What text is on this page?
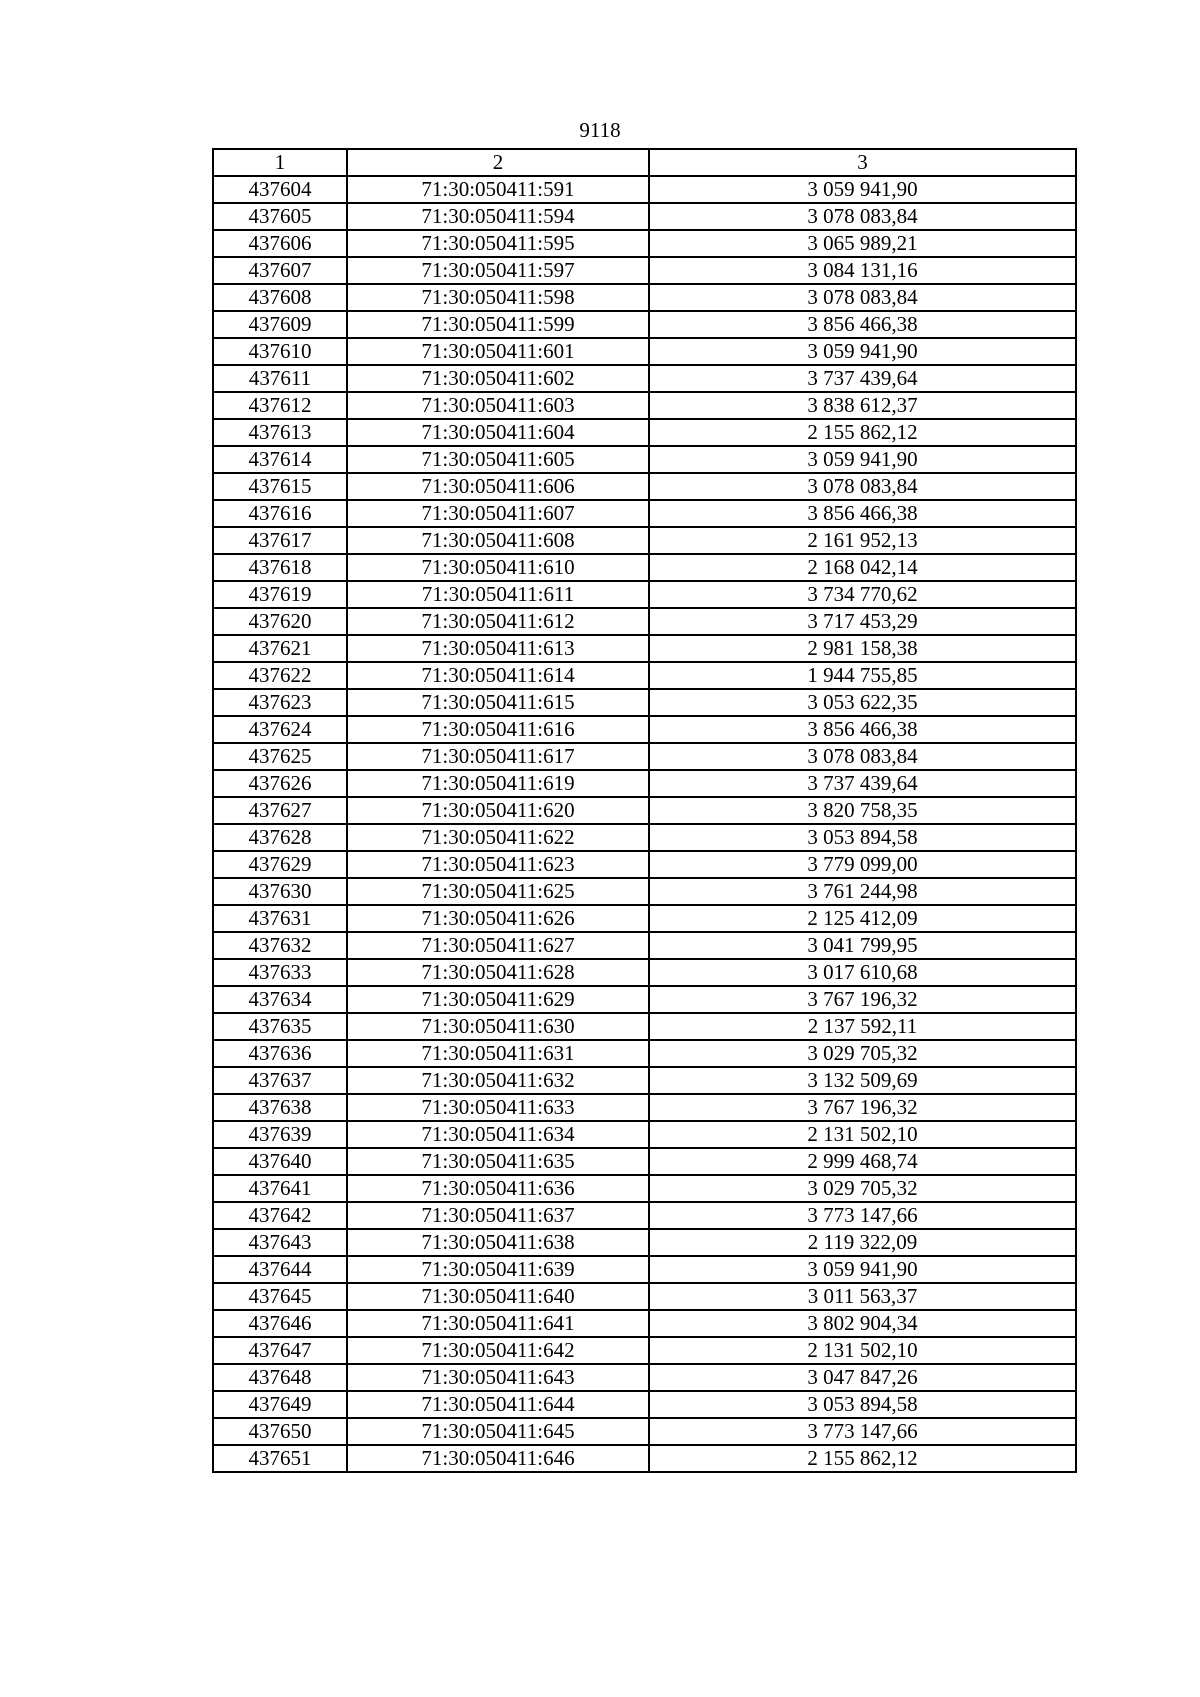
9118
1	2	3
437604	71:30:050411:591	3 059 941,90
437605	71:30:050411:594	3 078 083,84
437606	71:30:050411:595	3 065 989,21
437607	71:30:050411:597	3 084 131,16
437608	71:30:050411:598	3 078 083,84
437609	71:30:050411:599	3 856 466,38
437610	71:30:050411:601	3 059 941,90
437611	71:30:050411:602	3 737 439,64
437612	71:30:050411:603	3 838 612,37
437613	71:30:050411:604	2 155 862,12
437614	71:30:050411:605	3 059 941,90
437615	71:30:050411:606	3 078 083,84
437616	71:30:050411:607	3 856 466,38
437617	71:30:050411:608	2 161 952,13
437618	71:30:050411:610	2 168 042,14
437619	71:30:050411:611	3 734 770,62
437620	71:30:050411:612	3 717 453,29
437621	71:30:050411:613	2 981 158,38
437622	71:30:050411:614	1 944 755,85
437623	71:30:050411:615	3 053 622,35
437624	71:30:050411:616	3 856 466,38
437625	71:30:050411:617	3 078 083,84
437626	71:30:050411:619	3 737 439,64
437627	71:30:050411:620	3 820 758,35
437628	71:30:050411:622	3 053 894,58
437629	71:30:050411:623	3 779 099,00
437630	71:30:050411:625	3 761 244,98
437631	71:30:050411:626	2 125 412,09
437632	71:30:050411:627	3 041 799,95
437633	71:30:050411:628	3 017 610,68
437634	71:30:050411:629	3 767 196,32
437635	71:30:050411:630	2 137 592,11
437636	71:30:050411:631	3 029 705,32
437637	71:30:050411:632	3 132 509,69
437638	71:30:050411:633	3 767 196,32
437639	71:30:050411:634	2 131 502,10
437640	71:30:050411:635	2 999 468,74
437641	71:30:050411:636	3 029 705,32
437642	71:30:050411:637	3 773 147,66
437643	71:30:050411:638	2 119 322,09
437644	71:30:050411:639	3 059 941,90
437645	71:30:050411:640	3 011 563,37
437646	71:30:050411:641	3 802 904,34
437647	71:30:050411:642	2 131 502,10
437648	71:30:050411:643	3 047 847,26
437649	71:30:050411:644	3 053 894,58
437650	71:30:050411:645	3 773 147,66
437651	71:30:050411:646	2 155 862,12
